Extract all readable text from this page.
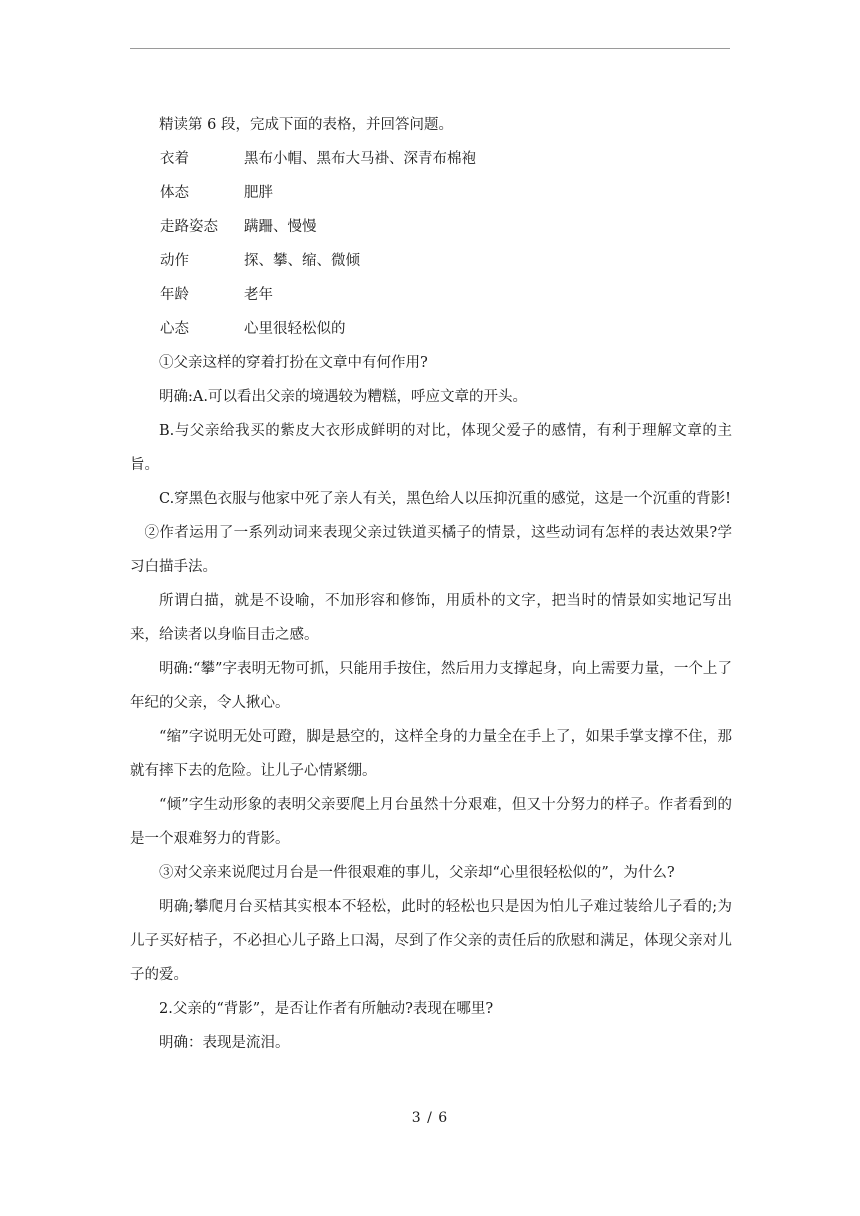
精读第 6 段，完成下面的表格，并回答问题。

衣着	黑布小帽、黑布大马褂、深青布棉袍
体态	肥胖
走路姿态	蹒跚、慢慢
动作	探、攀、缩、微倾
年龄	老年
心态	心里很轻松似的

①父亲这样的穿着打扮在文章中有何作用?

明确:A.可以看出父亲的境遇较为糟糕，呼应文章的开头。

B.与父亲给我买的紫皮大衣形成鲜明的对比，体现父爱子的感情，有利于理解文章的主旨。

C.穿黑色衣服与他家中死了亲人有关，黑色给人以压抑沉重的感觉，这是一个沉重的背影!

②作者运用了一系列动词来表现父亲过铁道买橘子的情景，这些动词有怎样的表达效果?学习白描手法。

所谓白描，就是不设喻，不加形容和修饰，用质朴的文字，把当时的情景如实地记写出来，给读者以身临目击之感。

明确:“攀”字表明无物可抓，只能用手按住，然后用力支撑起身，向上需要力量，一个上了年纪的父亲，令人揪心。

“缩”字说明无处可蹬，脚是悬空的，这样全身的力量全在手上了，如果手掌支撑不住，那就有摔下去的危险。让儿子心情紧绷。

“倾”字生动形象的表明父亲要爬上月台虽然十分艰难，但又十分努力的样子。作者看到的是一个艰难努力的背影。

③对父亲来说爬过月台是一件很艰难的事儿，父亲却“心里很轻松似的”，为什么?

明确;攀爬月台买桔其实根本不轻松，此时的轻松也只是因为怕儿子难过装给儿子看的;为儿子买好桔子，不必担心儿子路上口渴，尽到了作父亲的责任后的欣慰和满足，体现父亲对儿子的爱。

2.父亲的“背影”，是否让作者有所触动?表现在哪里?

明确：表现是流泪。

3 / 6
